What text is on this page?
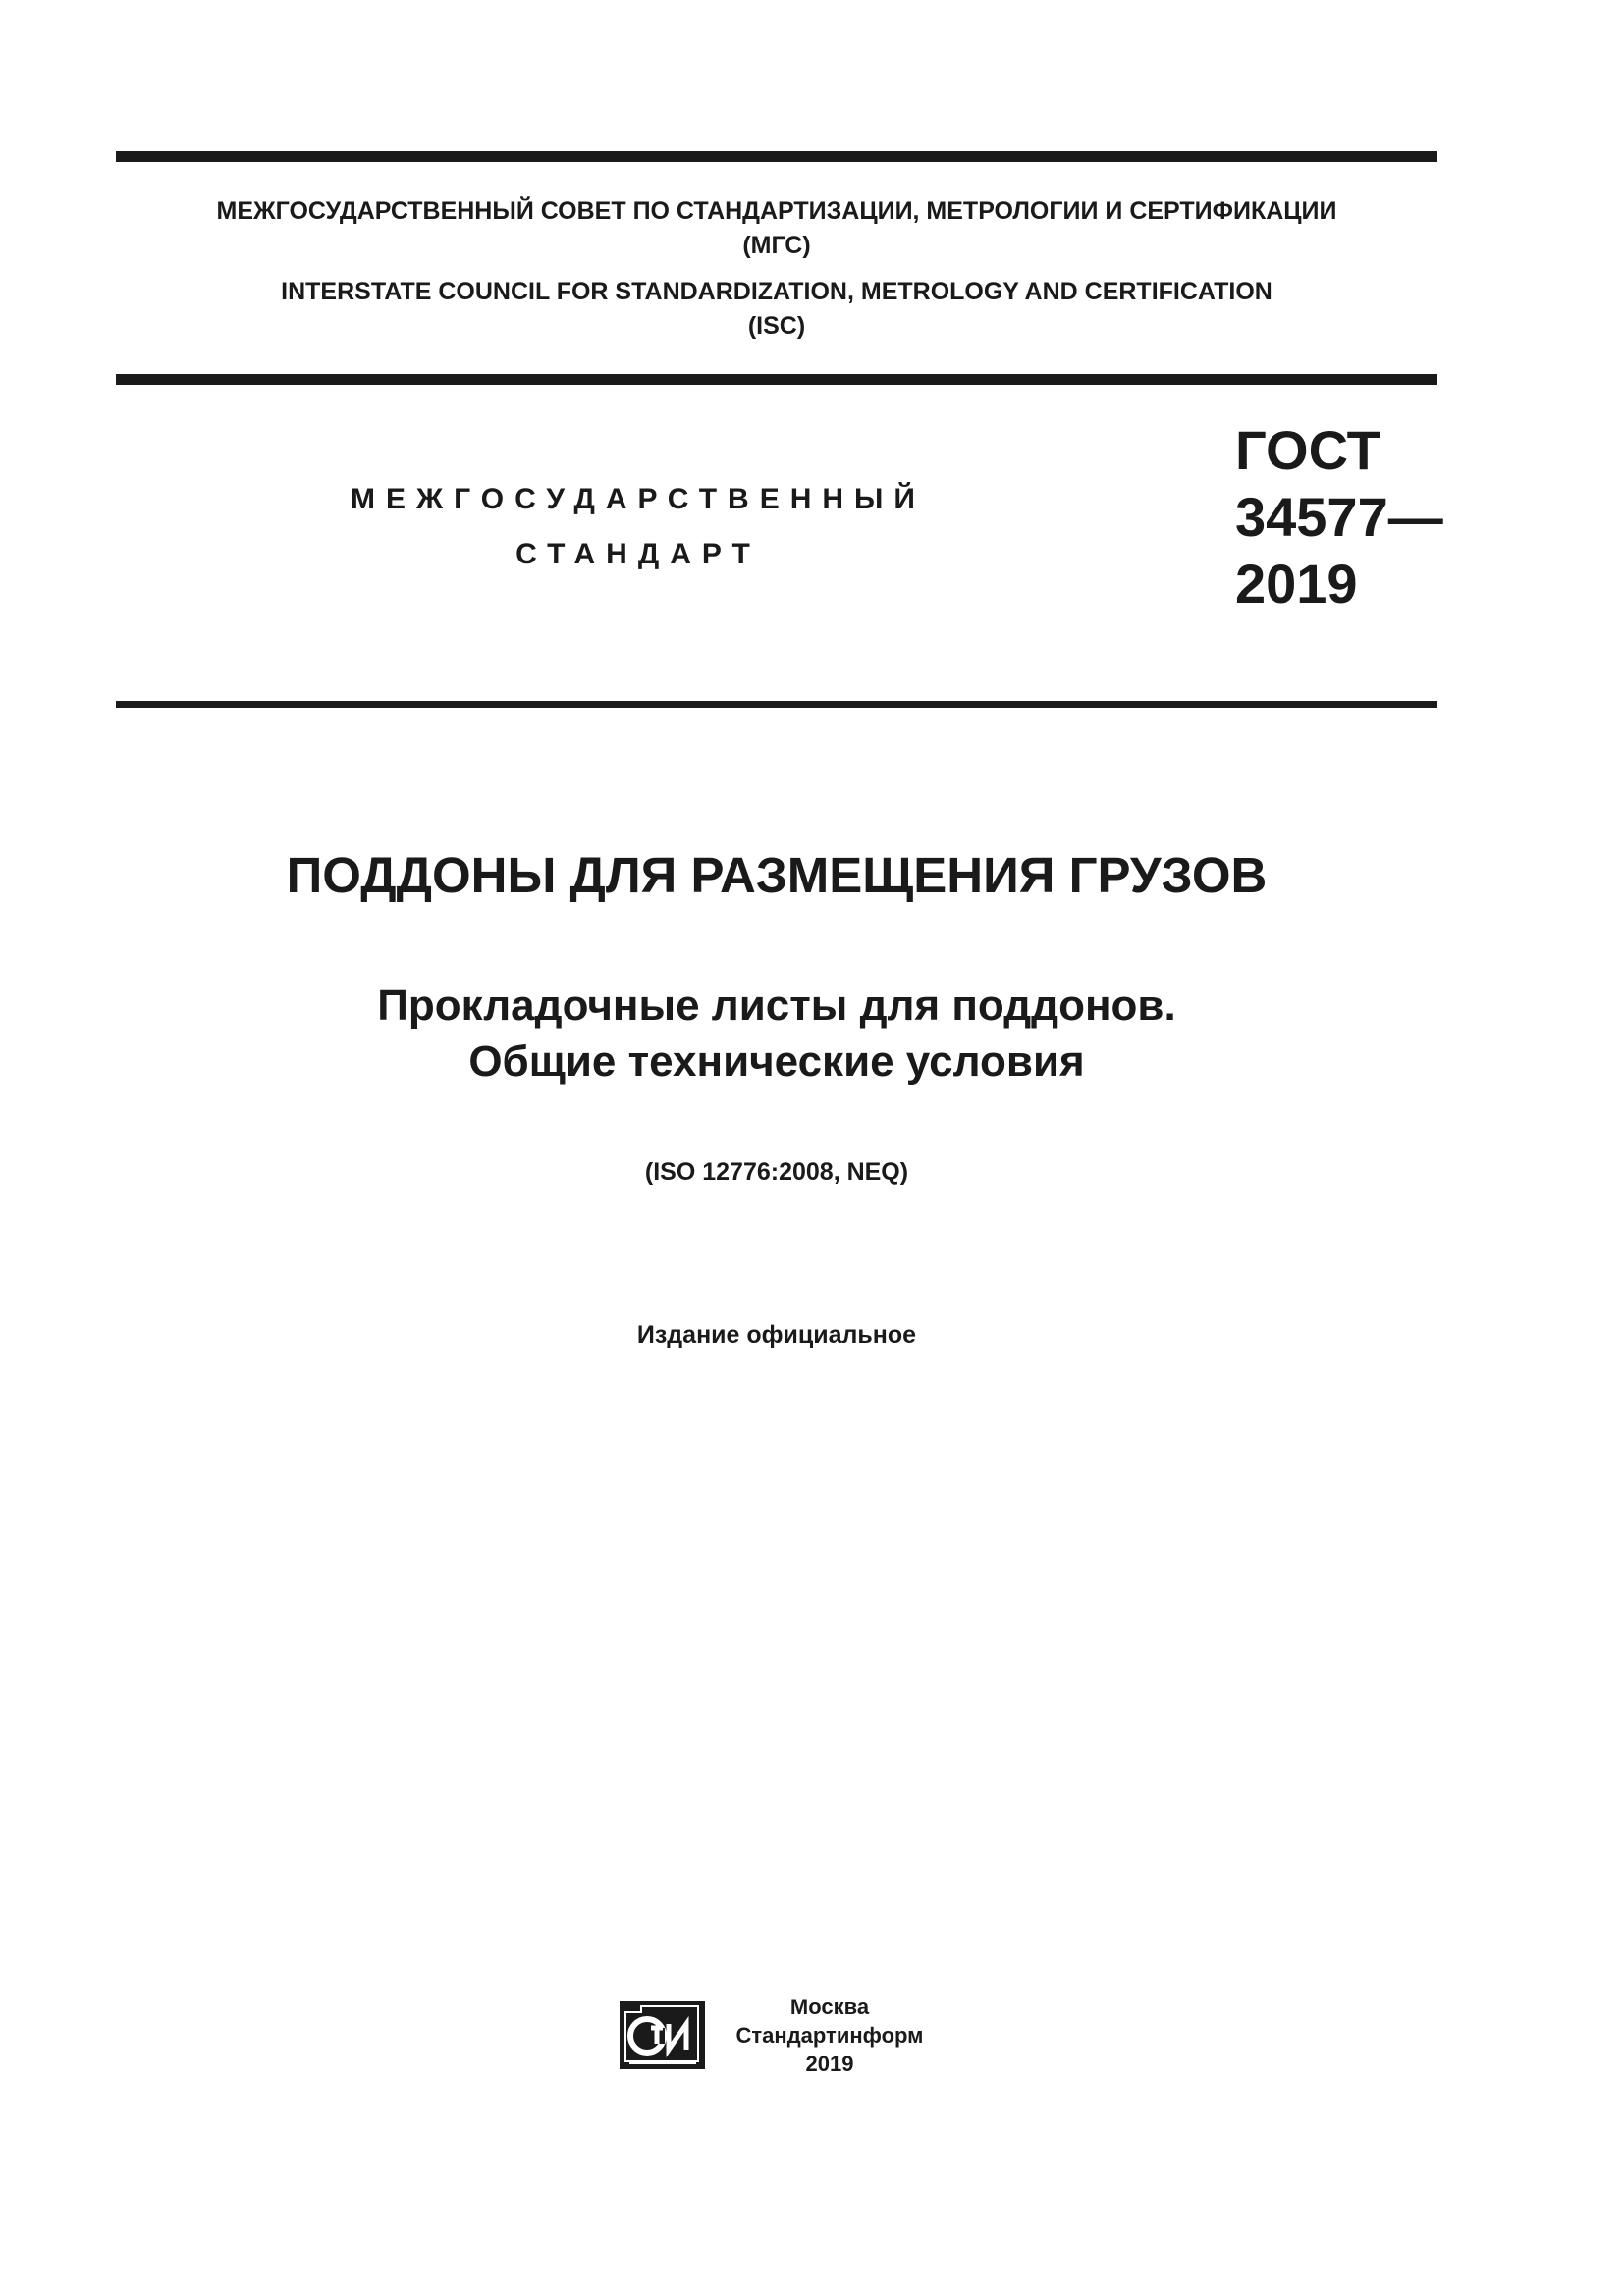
МЕЖГОСУДАРСТВЕННЫЙ СОВЕТ ПО СТАНДАРТИЗАЦИИ, МЕТРОЛОГИИ И СЕРТИФИКАЦИИ
(МГС)
INTERSTATE COUNCIL FOR STANDARDIZATION, METROLOGY AND CERTIFICATION
(ISC)
МЕЖГОСУДАРСТВЕННЫЙ
СТАНДАРТ
ГОСТ
34577—
2019
ПОДДОНЫ ДЛЯ РАЗМЕЩЕНИЯ ГРУЗОВ
Прокладочные листы для поддонов.
Общие технические условия
(ISO 12776:2008, NEQ)
Издание официальное
Москва
Стандартинформ
2019
